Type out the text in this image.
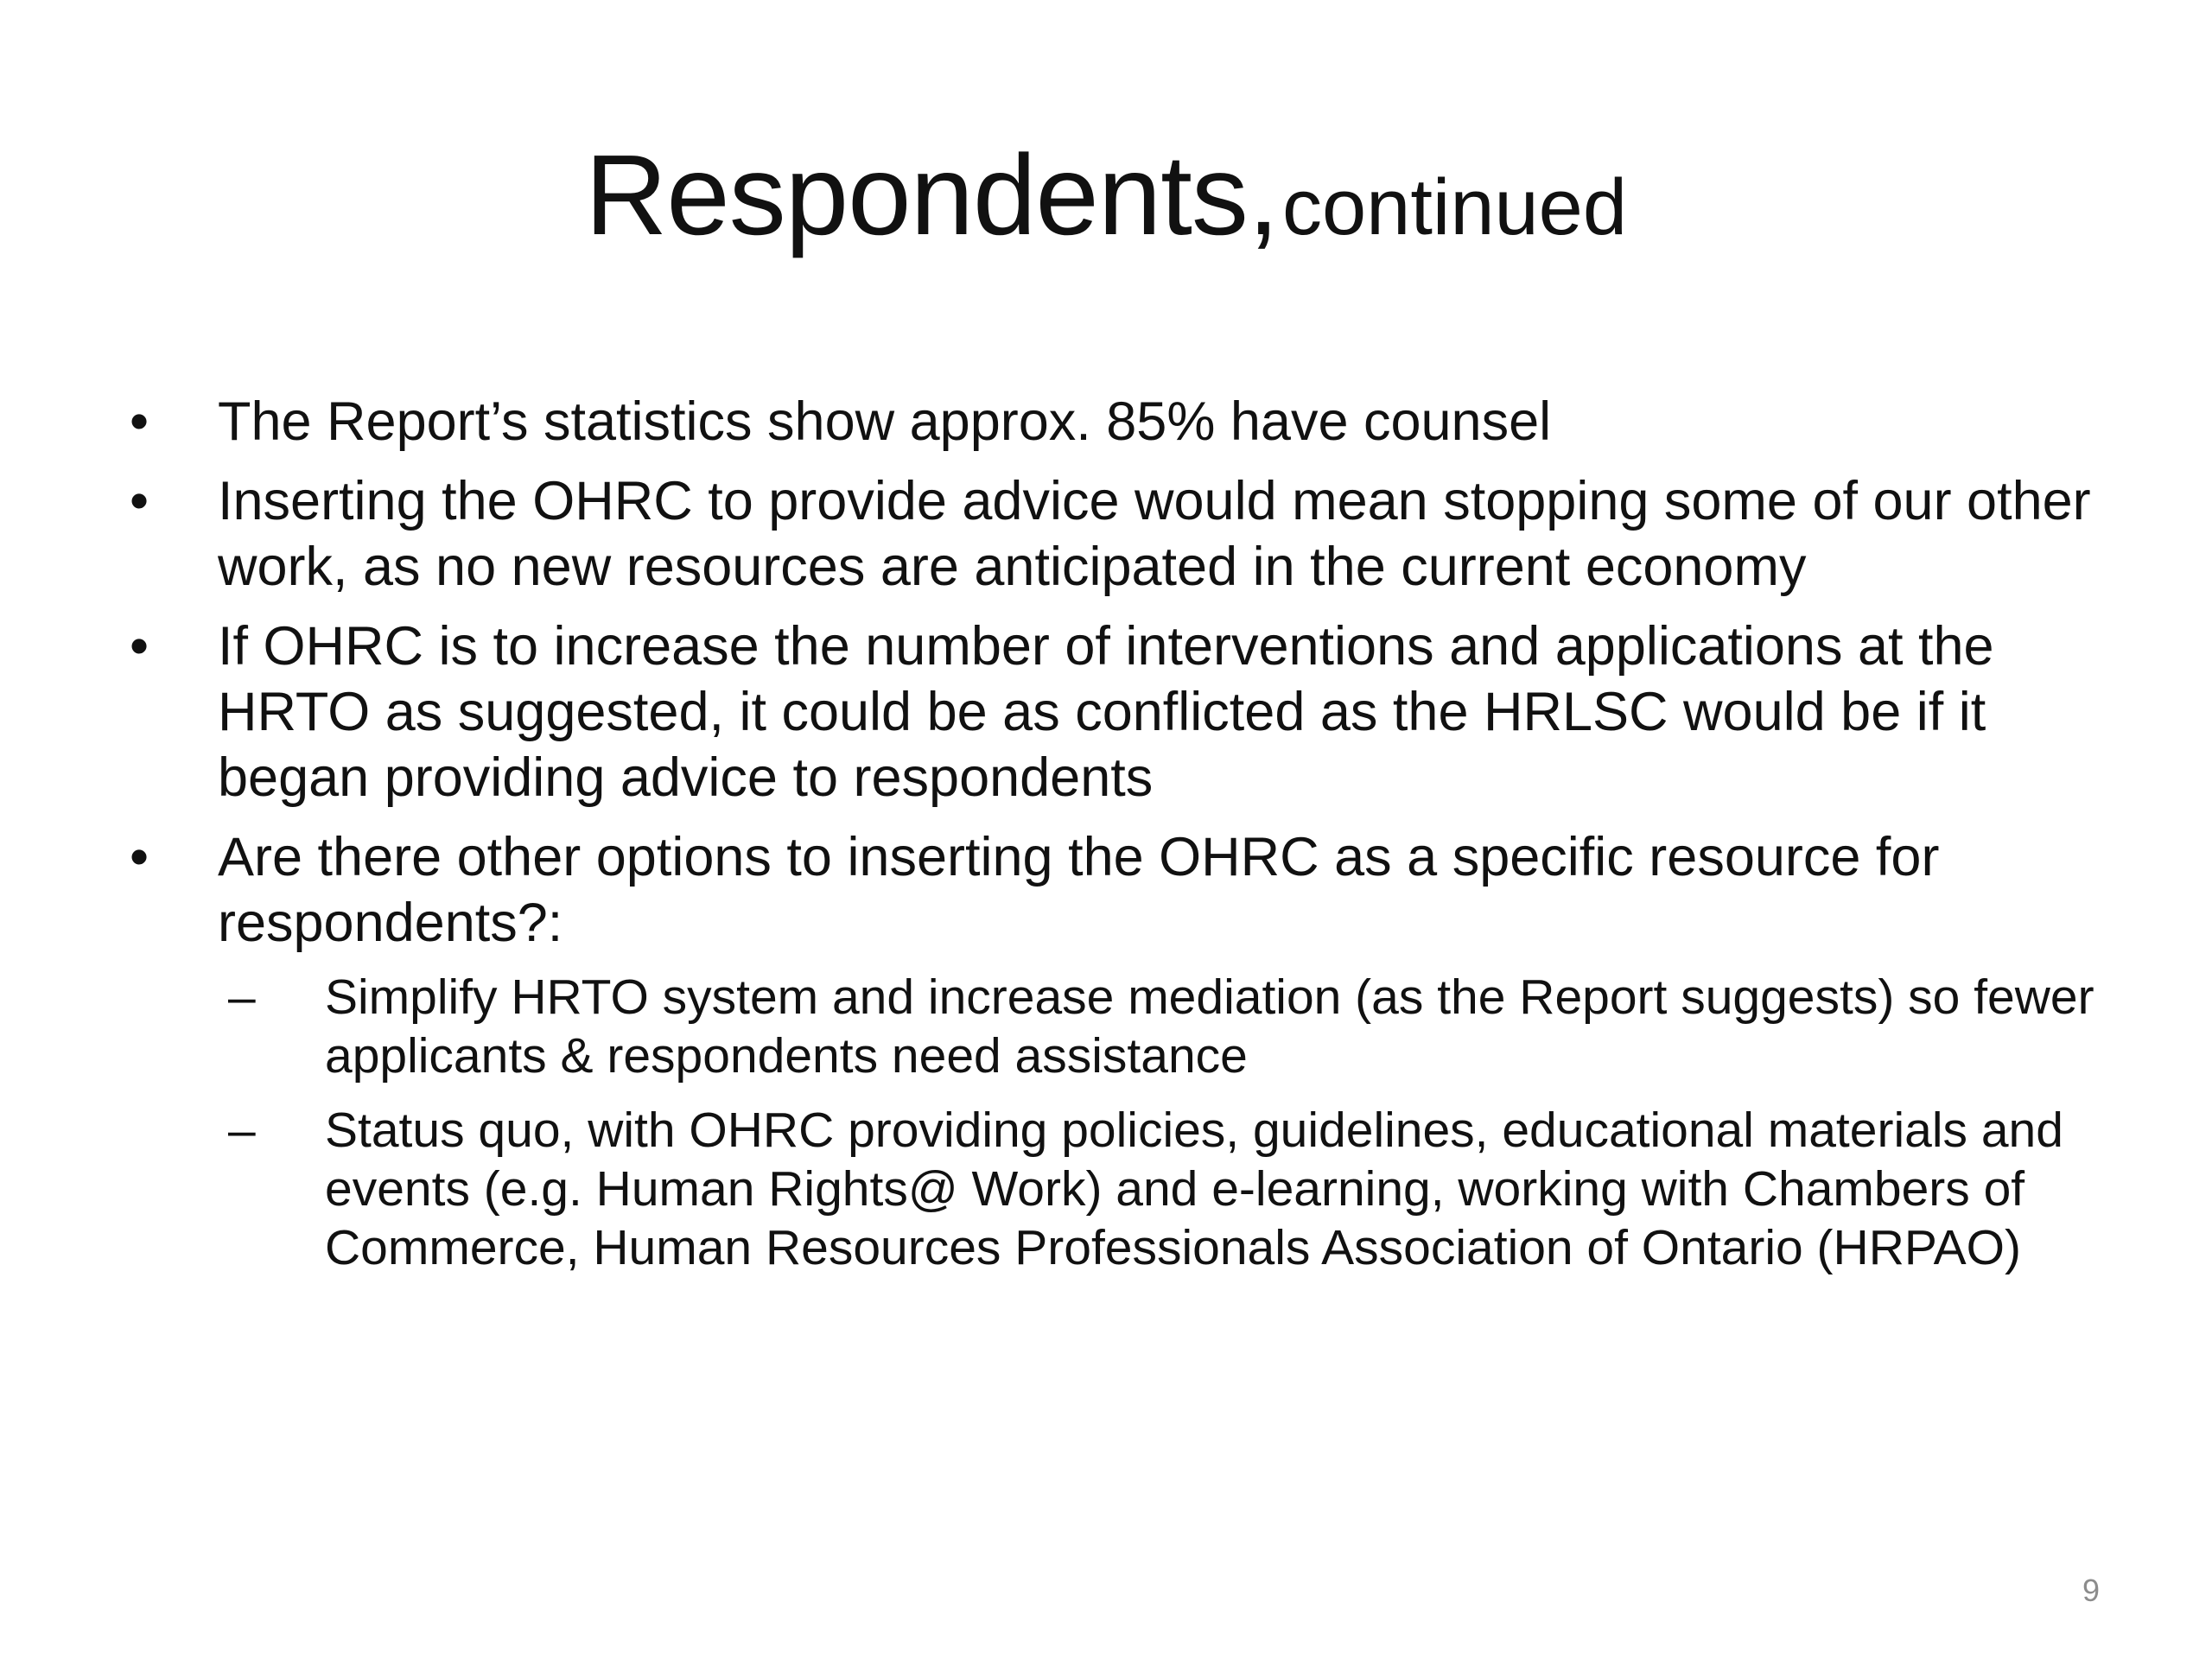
Respondents, continued
• The Report’s statistics show approx. 85% have counsel
• Inserting the OHRC to provide advice would mean stopping some of our other work, as no new resources are anticipated in the current economy
• If OHRC is to increase the number of interventions and applications at the HRTO as suggested, it could be as conflicted as the HRLSC would be if it began providing advice to respondents
• Are there other options to inserting the OHRC as a specific resource for respondents?:
– Simplify HRTO system and increase mediation (as the Report suggests) so fewer applicants & respondents need assistance
– Status quo, with OHRC providing policies, guidelines, educational materials and events (e.g. Human Rights@ Work) and e-learning, working with Chambers of Commerce, Human Resources Professionals Association of Ontario (HRPAO)
9
